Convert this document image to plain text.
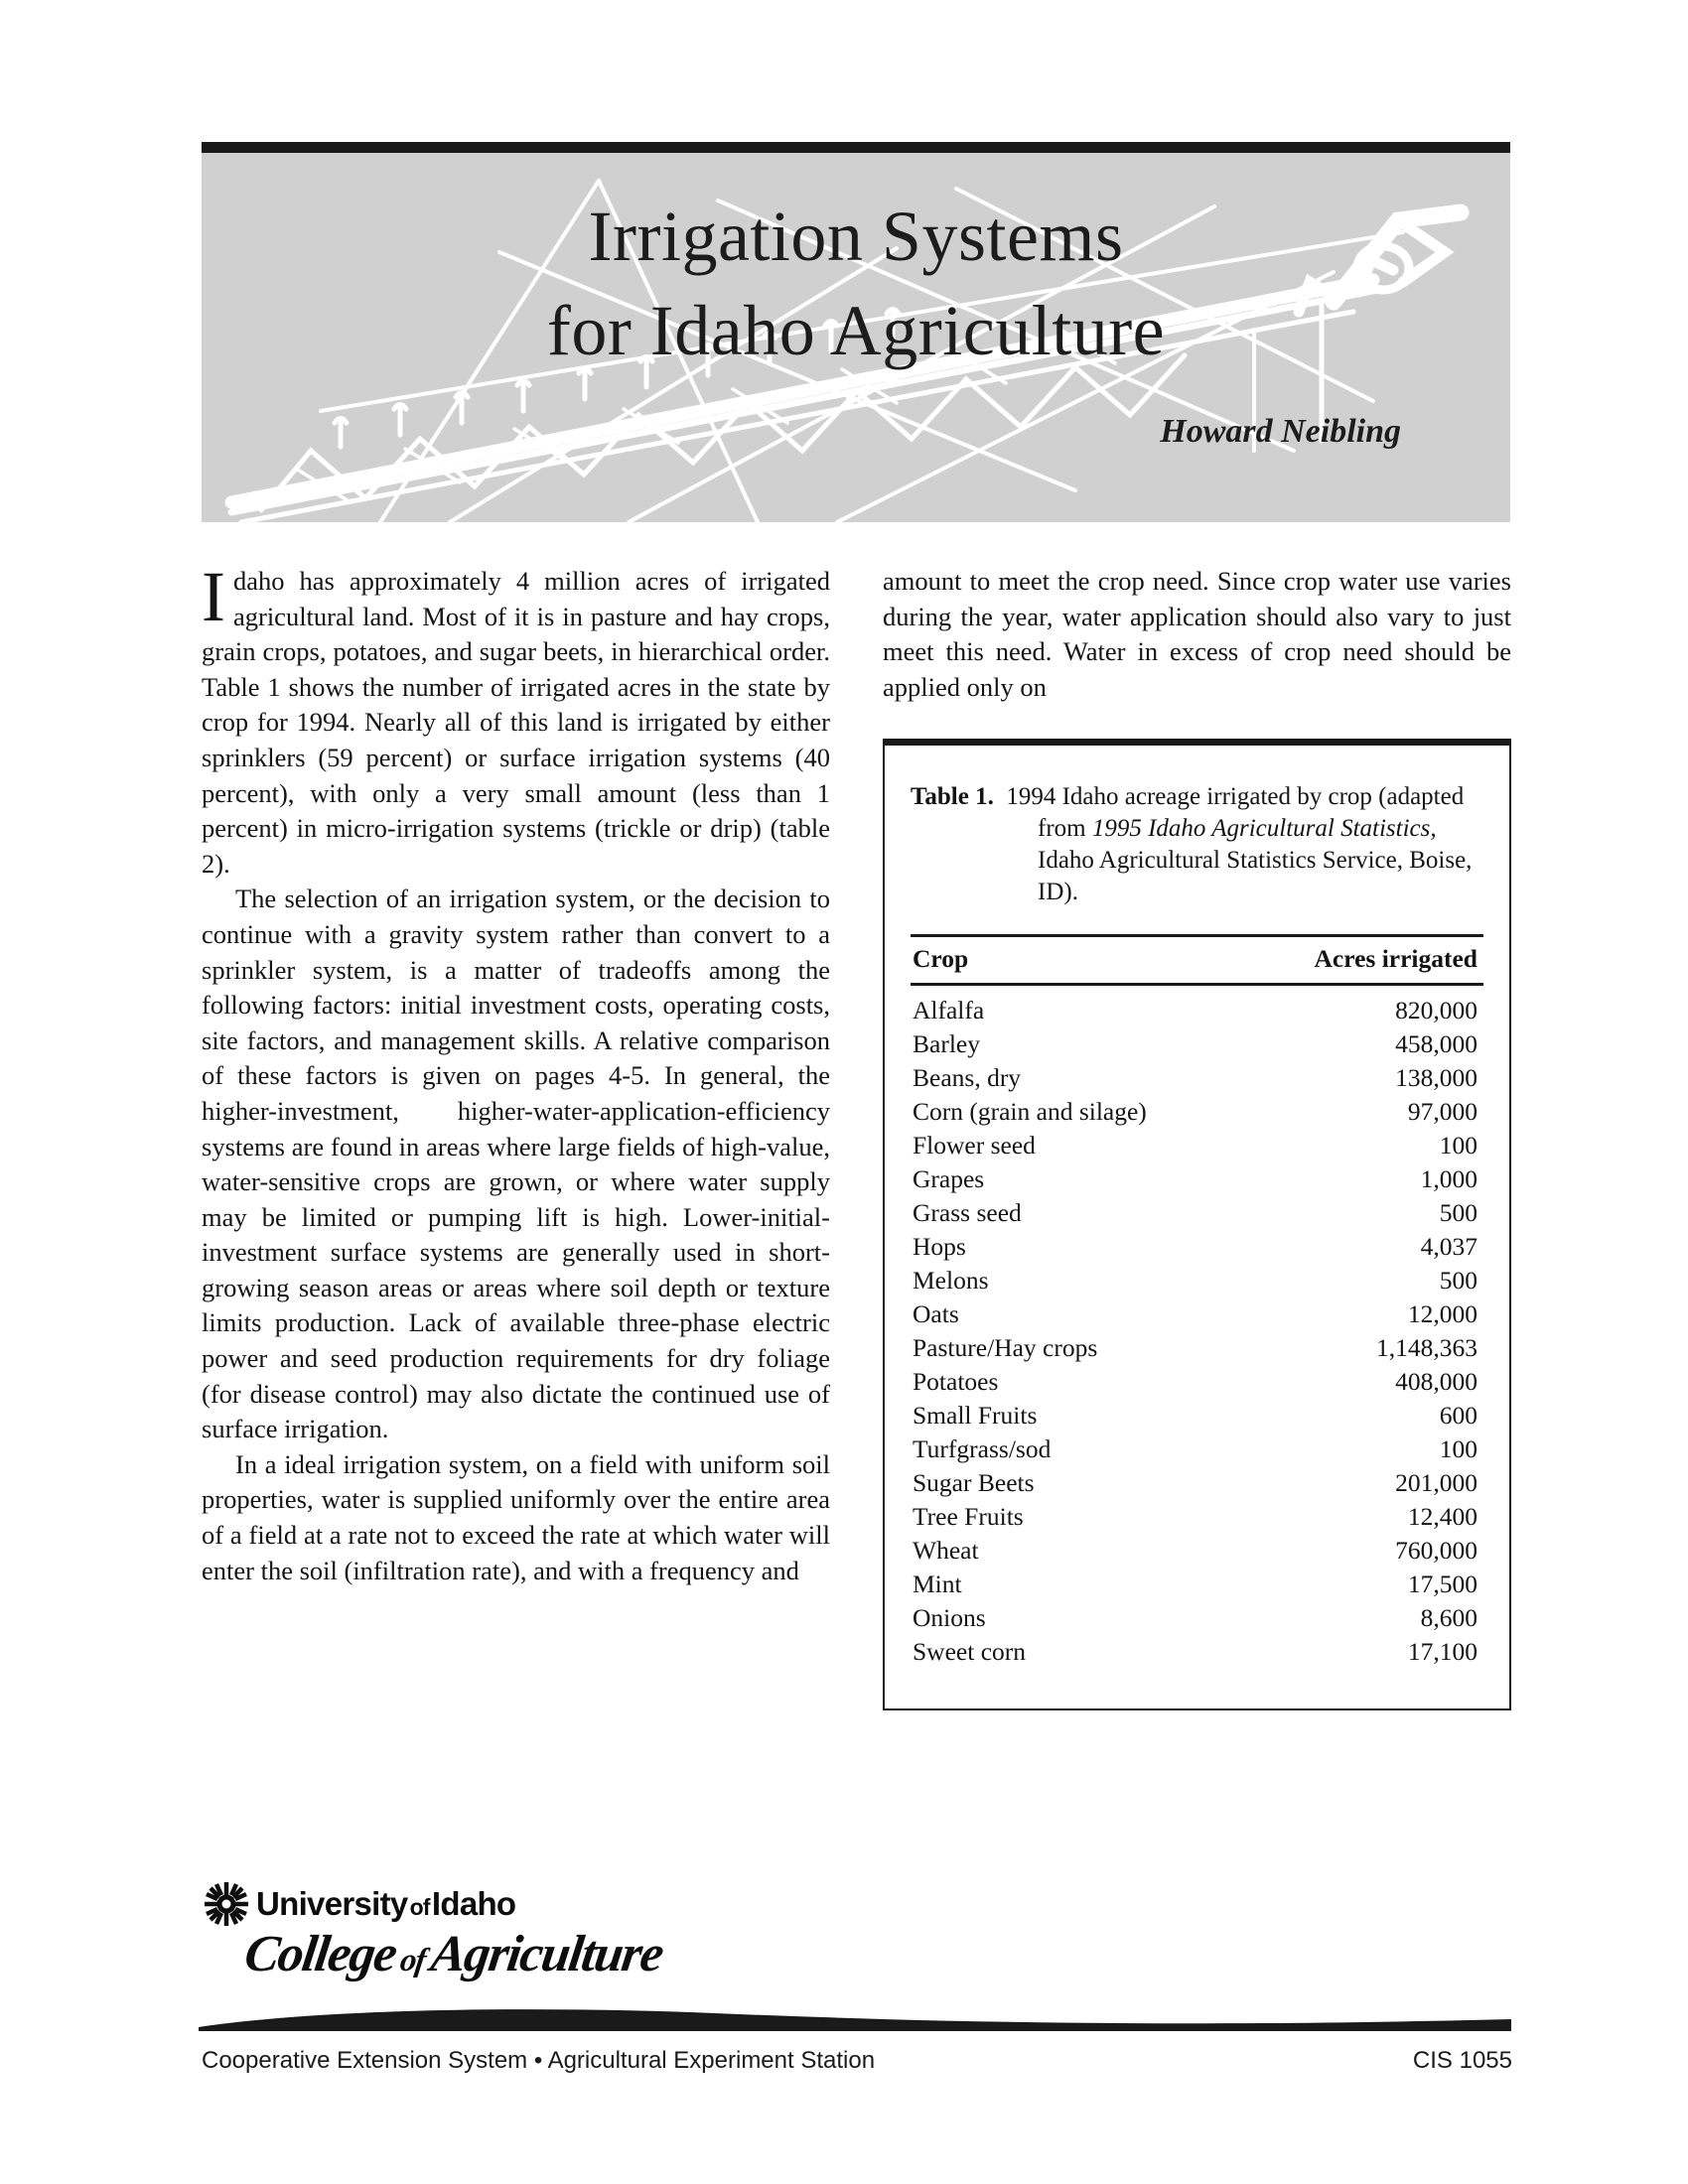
Irrigation Systems
for Idaho Agriculture
Howard Neibling

Idaho has approximately 4 million acres of irrigated agricultural land. Most of it is in pasture and hay crops, grain crops, potatoes, and sugar beets, in hierarchical order. Table 1 shows the number of irrigated acres in the state by crop for 1994. Nearly all of this land is irrigated by either sprinklers (59 percent) or surface irrigation systems (40 percent), with only a very small amount (less than 1 percent) in micro-irrigation systems (trickle or drip) (table 2).

The selection of an irrigation system, or the decision to continue with a gravity system rather than convert to a sprinkler system, is a matter of tradeoffs among the following factors: initial investment costs, operating costs, site factors, and management skills. A relative comparison of these factors is given on pages 4-5. In general, the higher-investment, higher-water-application-efficiency systems are found in areas where large fields of high-value, water-sensitive crops are grown, or where water supply may be limited or pumping lift is high. Lower-initial-investment surface systems are generally used in short-growing season areas or areas where soil depth or texture limits production. Lack of available three-phase electric power and seed production requirements for dry foliage (for disease control) may also dictate the continued use of surface irrigation.

In a ideal irrigation system, on a field with uniform soil properties, water is supplied uniformly over the entire area of a field at a rate not to exceed the rate at which water will enter the soil (infiltration rate), and with a frequency and

amount to meet the crop need. Since crop water use varies during the year, water application should also vary to just meet this need. Water in excess of crop need should be applied only on

Table 1. 1994 Idaho acreage irrigated by crop (adapted from 1995 Idaho Agricultural Statistics, Idaho Agricultural Statistics Service, Boise, ID).
Crop	Acres irrigated
Alfalfa	820,000
Barley	458,000
Beans, dry	138,000
Corn (grain and silage)	97,000
Flower seed	100
Grapes	1,000
Grass seed	500
Hops	4,037
Melons	500
Oats	12,000
Pasture/Hay crops	1,148,363
Potatoes	408,000
Small Fruits	600
Turfgrass/sod	100
Sugar Beets	201,000
Tree Fruits	12,400
Wheat	760,000
Mint	17,500
Onions	8,600
Sweet corn	17,100
UniversityofIdaho
CollegeofAgriculture
Cooperative Extension System • Agricultural Experiment Station	CIS 1055
